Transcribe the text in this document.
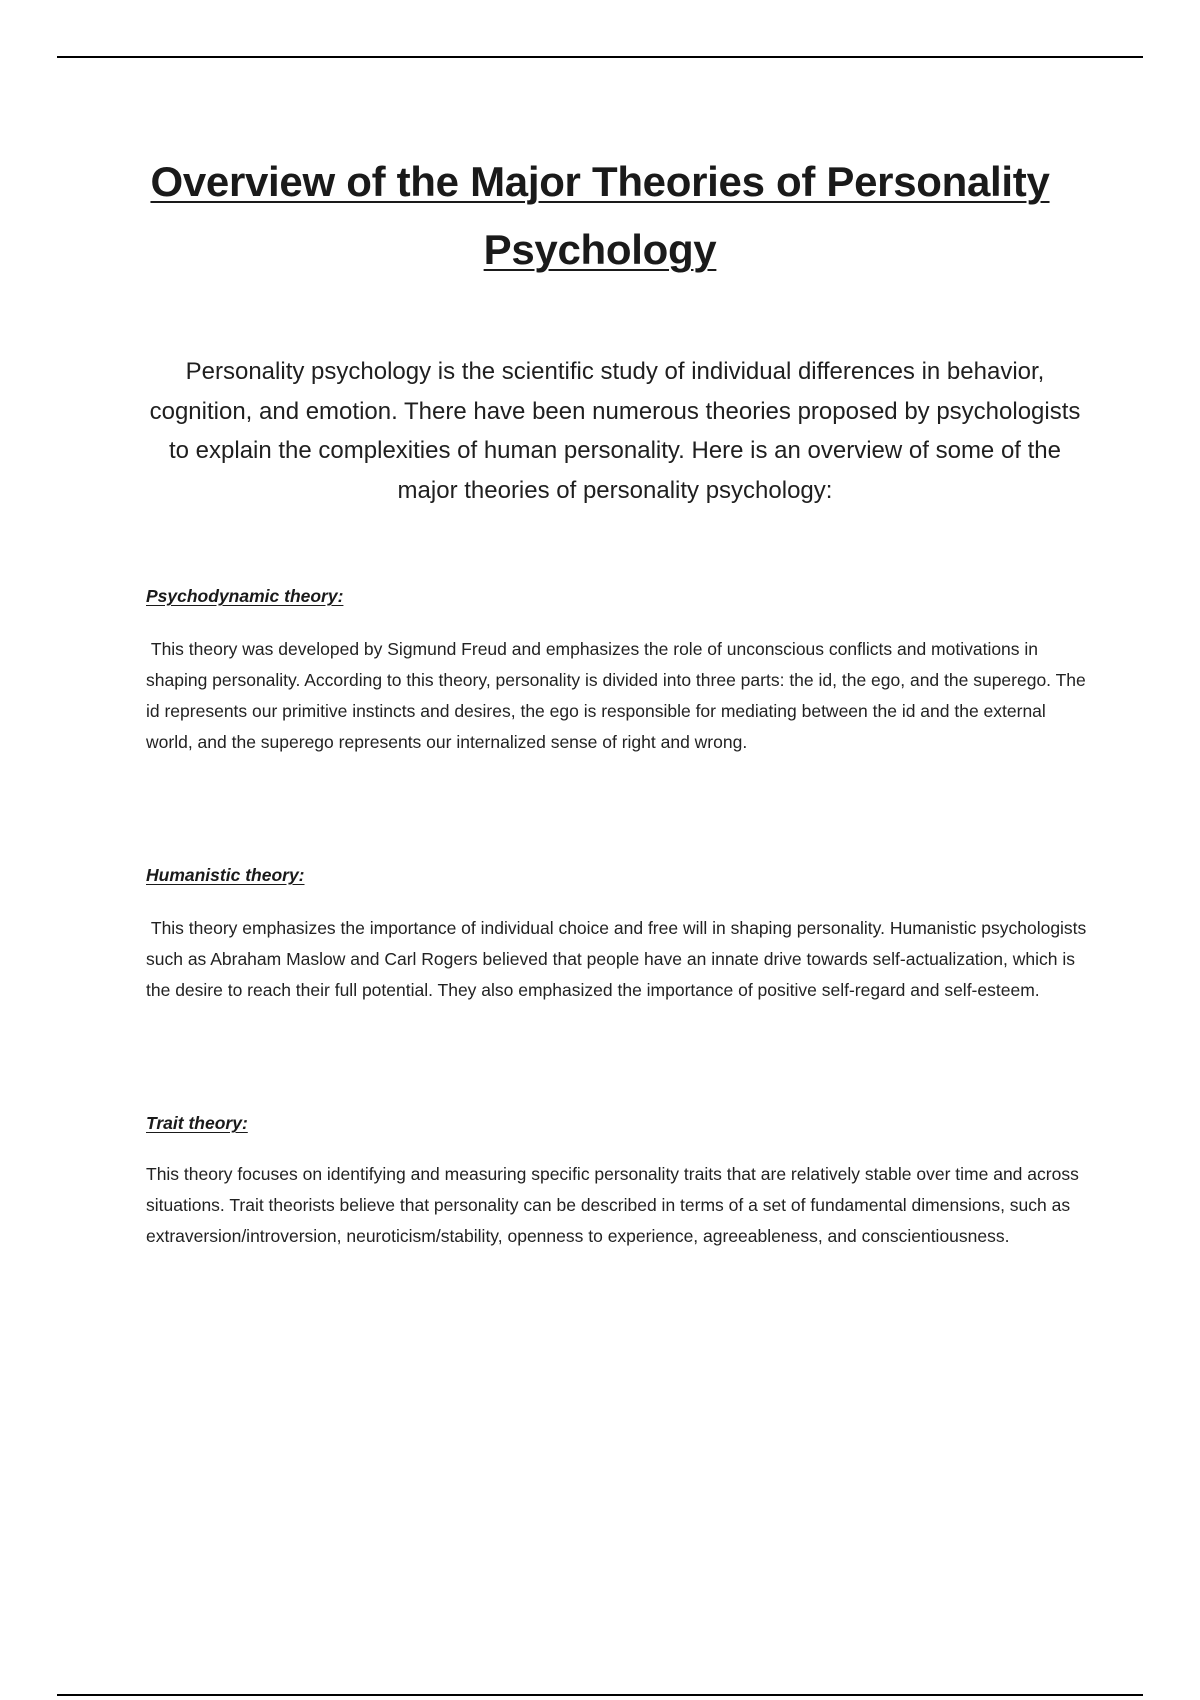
Overview of the Major Theories of Personality Psychology

Personality psychology is the scientific study of individual differences in behavior, cognition, and emotion. There have been numerous theories proposed by psychologists to explain the complexities of human personality. Here is an overview of some of the major theories of personality psychology:

Psychodynamic theory:

This theory was developed by Sigmund Freud and emphasizes the role of unconscious conflicts and motivations in shaping personality. According to this theory, personality is divided into three parts: the id, the ego, and the superego. The id represents our primitive instincts and desires, the ego is responsible for mediating between the id and the external world, and the superego represents our internalized sense of right and wrong.

Humanistic theory:

This theory emphasizes the importance of individual choice and free will in shaping personality. Humanistic psychologists such as Abraham Maslow and Carl Rogers believed that people have an innate drive towards self-actualization, which is the desire to reach their full potential. They also emphasized the importance of positive self-regard and self-esteem.

Trait theory:

This theory focuses on identifying and measuring specific personality traits that are relatively stable over time and across situations. Trait theorists believe that personality can be described in terms of a set of fundamental dimensions, such as extraversion/introversion, neuroticism/stability, openness to experience, agreeableness, and conscientiousness.
